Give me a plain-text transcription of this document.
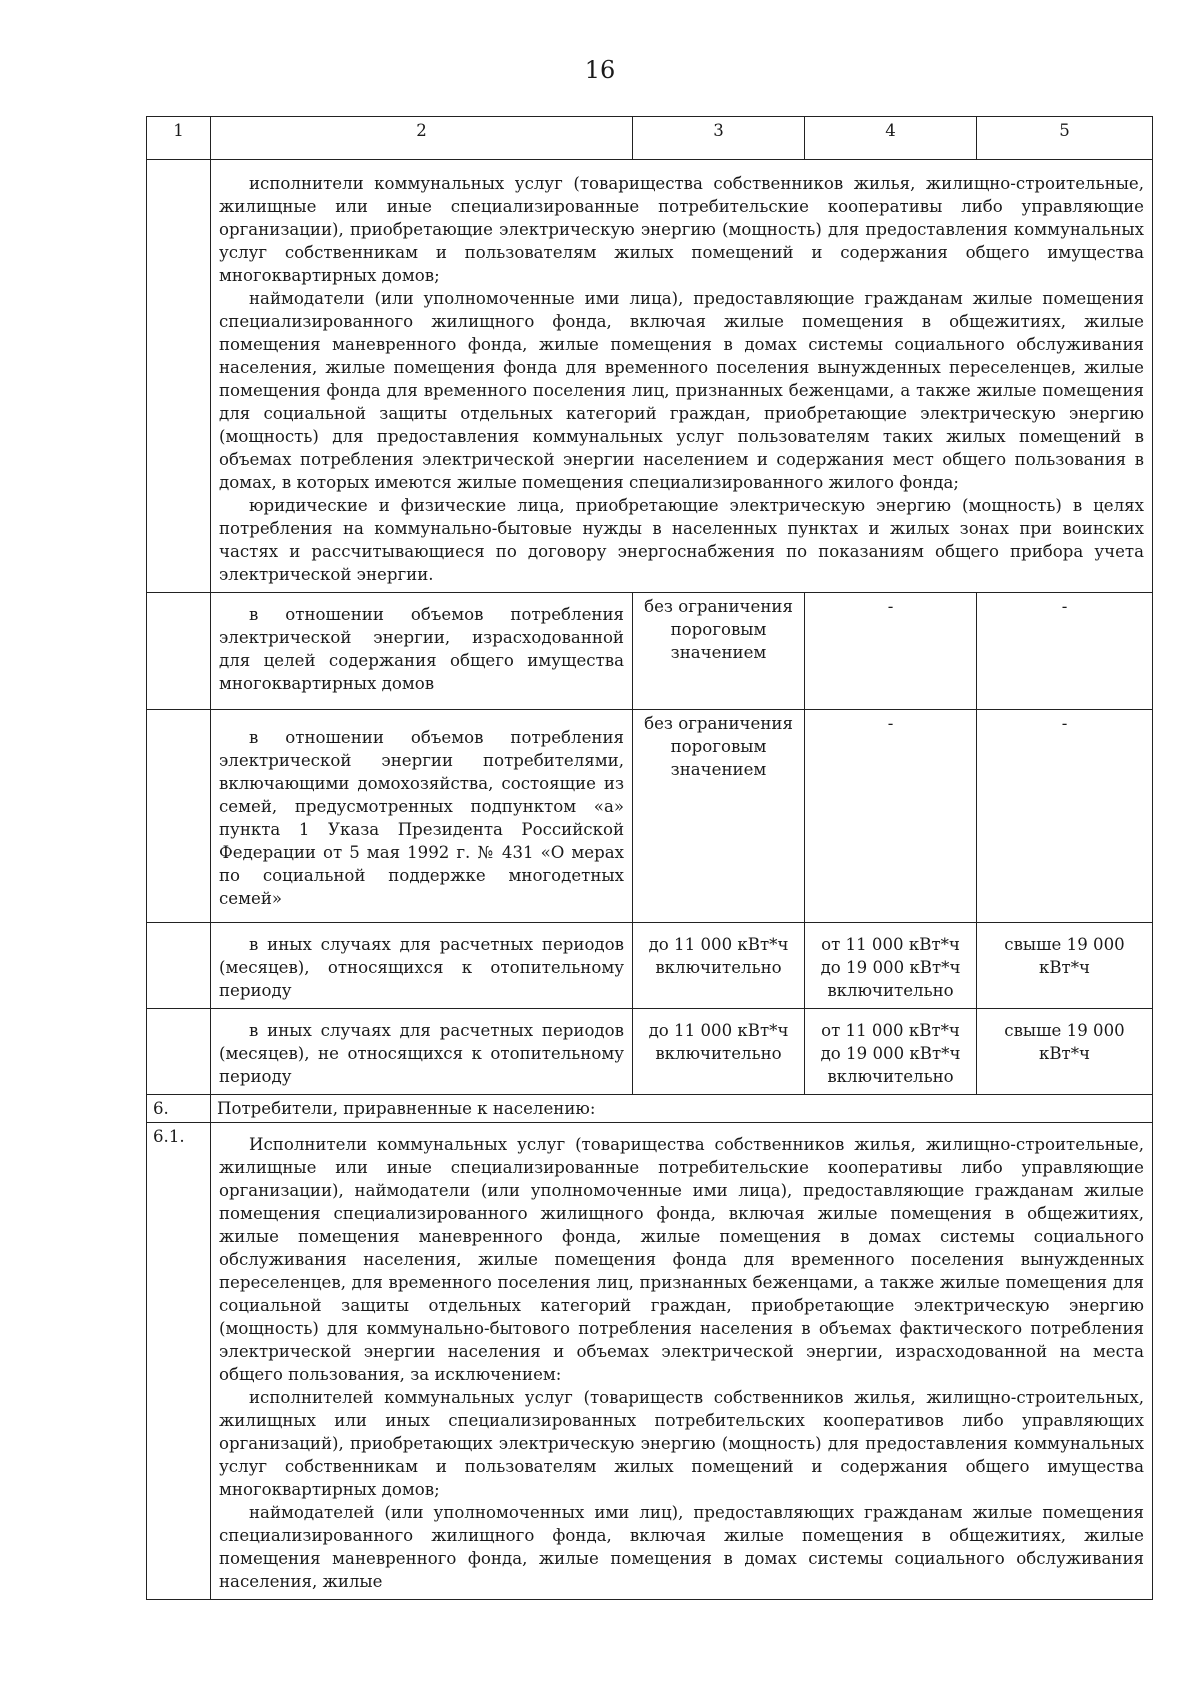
16
1	2	3	4	5

	исполнители коммунальных услуг (товарищества собственников жилья, жилищно-строительные, жилищные или иные специализированные потребительские кооперативы либо управляющие организации), приобретающие электрическую энергию (мощность) для предоставления коммунальных услуг собственникам и пользователям жилых помещений и содержания общего имущества многоквартирных домов;

наймодатели (или уполномоченные ими лица), предоставляющие гражданам жилые помещения специализированного жилищного фонда, включая жилые помещения в общежитиях, жилые помещения маневренного фонда, жилые помещения в домах системы социального обслуживания населения, жилые помещения фонда для временного поселения вынужденных переселенцев, жилые помещения фонда для временного поселения лиц, признанных беженцами, а также жилые помещения для социальной защиты отдельных категорий граждан, приобретающие электрическую энергию (мощность) для предоставления коммунальных услуг пользователям таких жилых помещений в объемах потребления электрической энергии населением и содержания мест общего пользования в домах, в которых имеются жилые помещения специализированного жилого фонда;

юридические и физические лица, приобретающие электрическую энергию (мощность) в целях потребления на коммунально-бытовые нужды в населенных пунктах и жилых зонах при воинских частях и рассчитывающиеся по договору энергоснабжения по показаниям общего прибора учета электрической энергии.			

	в отношении объемов потребления электрической энергии, израсходованной для целей содержания общего имущества многоквартирных домов	без ограничения пороговым значением	-	-

	в отношении объемов потребления электрической энергии потребителями, включающими домохозяйства, состоящие из семей, предусмотренных подпунктом «а» пункта 1 Указа Президента Российской Федерации от 5 мая 1992 г. № 431 «О мерах по социальной поддержке многодетных семей»	без ограничения пороговым значением	-	-

	в иных случаях для расчетных периодов (месяцев), относящихся к отопительному периоду	до 11 000 кВт*ч включительно	от 11 000 кВт*ч до 19 000 кВт*ч включительно	свыше 19 000 кВт*ч

	в иных случаях для расчетных периодов (месяцев), не относящихся к отопительному периоду	до 11 000 кВт*ч включительно	от 11 000 кВт*ч до 19 000 кВт*ч включительно	свыше 19 000 кВт*ч

6.	Потребители, приравненные к населению:			
6.1.	Исполнители коммунальных услуг (товарищества собственников жилья, жилищно-строительные, жилищные или иные специализированные потребительские кооперативы либо управляющие организации), наймодатели (или уполномоченные ими лица), предоставляющие гражданам жилые помещения специализированного жилищного фонда, включая жилые помещения в общежитиях, жилые помещения маневренного фонда, жилые помещения в домах системы социального обслуживания населения, жилые помещения фонда для временного поселения вынужденных переселенцев, для временного поселения лиц, признанных беженцами, а также жилые помещения для социальной защиты отдельных категорий граждан, приобретающие электрическую энергию (мощность) для коммунально-бытового потребления населения в объемах фактического потребления электрической энергии населения и объемах электрической энергии, израсходованной на места общего пользования, за исключением:

исполнителей коммунальных услуг (товариществ собственников жилья, жилищно-строительных, жилищных или иных специализированных потребительских кооперативов либо управляющих организаций), приобретающих электрическую энергию (мощность) для предоставления коммунальных услуг собственникам и пользователям жилых помещений и содержания общего имущества многоквартирных домов;

наймодателей (или уполномоченных ими лиц), предоставляющих гражданам жилые помещения специализированного жилищного фонда, включая жилые помещения в общежитиях, жилые помещения маневренного фонда, жилые помещения в домах системы социального обслуживания населения, жилые			
